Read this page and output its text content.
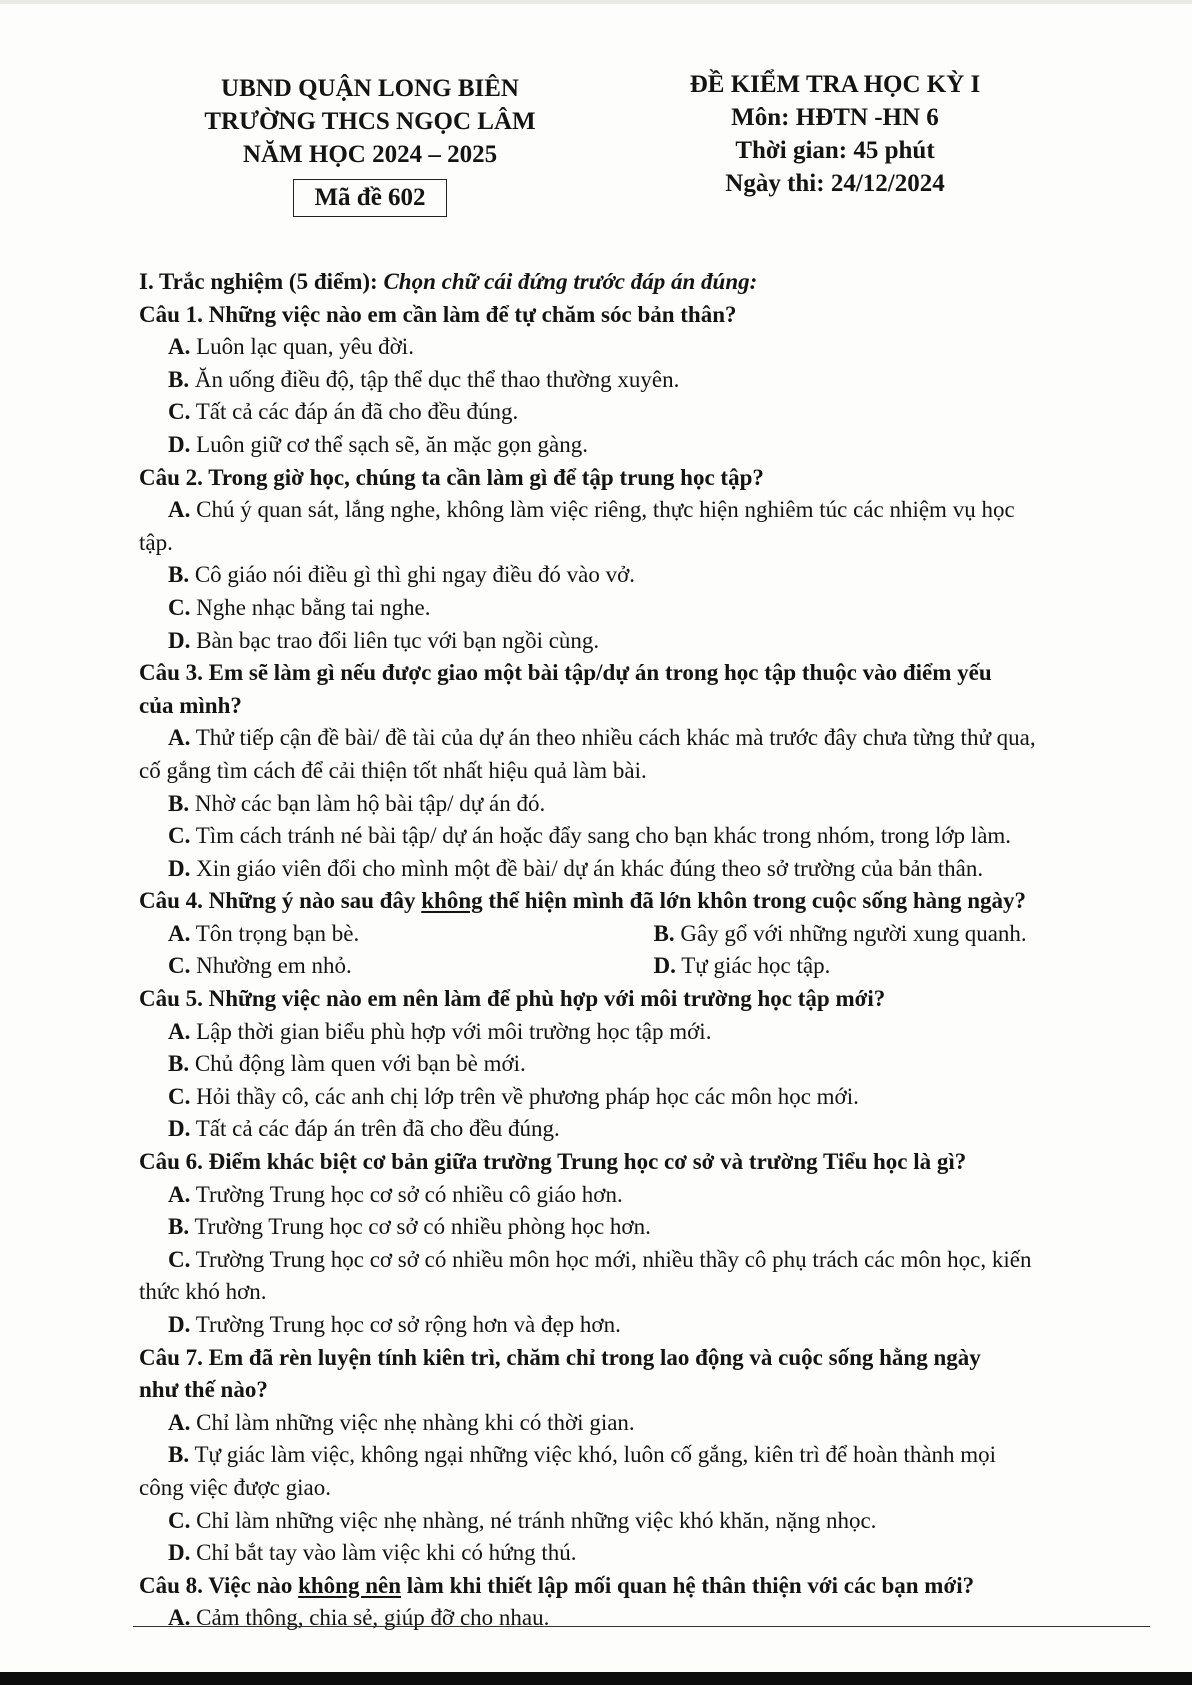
UBND QUẬN LONG BIÊN
TRƯỜNG THCS NGỌC LÂM
NĂM HỌC 2024 – 2025
Mã đề 602
ĐỀ KIỂM TRA HỌC KỲ I
Môn: HĐTN -HN 6
Thời gian: 45 phút
Ngày thi: 24/12/2024
I. Trắc nghiệm (5 điểm): Chọn chữ cái đứng trước đáp án đúng:
Câu 1. Những việc nào em cần làm để tự chăm sóc bản thân?
A. Luôn lạc quan, yêu đời.
B. Ăn uống điều độ, tập thể dục thể thao thường xuyên.
C. Tất cả các đáp án đã cho đều đúng.
D. Luôn giữ cơ thể sạch sẽ, ăn mặc gọn gàng.
Câu 2. Trong giờ học, chúng ta cần làm gì để tập trung học tập?
A. Chú ý quan sát, lắng nghe, không làm việc riêng, thực hiện nghiêm túc các nhiệm vụ học
tập.
B. Cô giáo nói điều gì thì ghi ngay điều đó vào vở.
C. Nghe nhạc bằng tai nghe.
D. Bàn bạc trao đổi liên tục với bạn ngồi cùng.
Câu 3. Em sẽ làm gì nếu được giao một bài tập/dự án trong học tập thuộc vào điểm yếu
của mình?
A. Thử tiếp cận đề bài/ đề tài của dự án theo nhiều cách khác mà trước đây chưa từng thử qua,
cố gắng tìm cách để cải thiện tốt nhất hiệu quả làm bài.
B. Nhờ các bạn làm hộ bài tập/ dự án đó.
C. Tìm cách tránh né bài tập/ dự án hoặc đẩy sang cho bạn khác trong nhóm, trong lớp làm.
D. Xin giáo viên đổi cho mình một đề bài/ dự án khác đúng theo sở trường của bản thân.
Câu 4. Những ý nào sau đây không thể hiện mình đã lớn khôn trong cuộc sống hàng ngày?
A. Tôn trọng bạn bè.	B. Gây gổ với những người xung quanh.
C. Nhường em nhỏ.	D. Tự giác học tập.
Câu 5. Những việc nào em nên làm để phù hợp với môi trường học tập mới?
A. Lập thời gian biểu phù hợp với môi trường học tập mới.
B. Chủ động làm quen với bạn bè mới.
C. Hỏi thầy cô, các anh chị lớp trên về phương pháp học các môn học mới.
D. Tất cả các đáp án trên đã cho đều đúng.
Câu 6. Điểm khác biệt cơ bản giữa trường Trung học cơ sở và trường Tiểu học là gì?
A. Trường Trung học cơ sở có nhiều cô giáo hơn.
B. Trường Trung học cơ sở có nhiều phòng học hơn.
C. Trường Trung học cơ sở có nhiều môn học mới, nhiều thầy cô phụ trách các môn học, kiến
thức khó hơn.
D. Trường Trung học cơ sở rộng hơn và đẹp hơn.
Câu 7. Em đã rèn luyện tính kiên trì, chăm chỉ trong lao động và cuộc sống hằng ngày
như thế nào?
A. Chỉ làm những việc nhẹ nhàng khi có thời gian.
B. Tự giác làm việc, không ngại những việc khó, luôn cố gắng, kiên trì để hoàn thành mọi
công việc được giao.
C. Chỉ làm những việc nhẹ nhàng, né tránh những việc khó khăn, nặng nhọc.
D. Chỉ bắt tay vào làm việc khi có hứng thú.
Câu 8. Việc nào không nên làm khi thiết lập mối quan hệ thân thiện với các bạn mới?
A. Cảm thông, chia sẻ, giúp đỡ cho nhau.
